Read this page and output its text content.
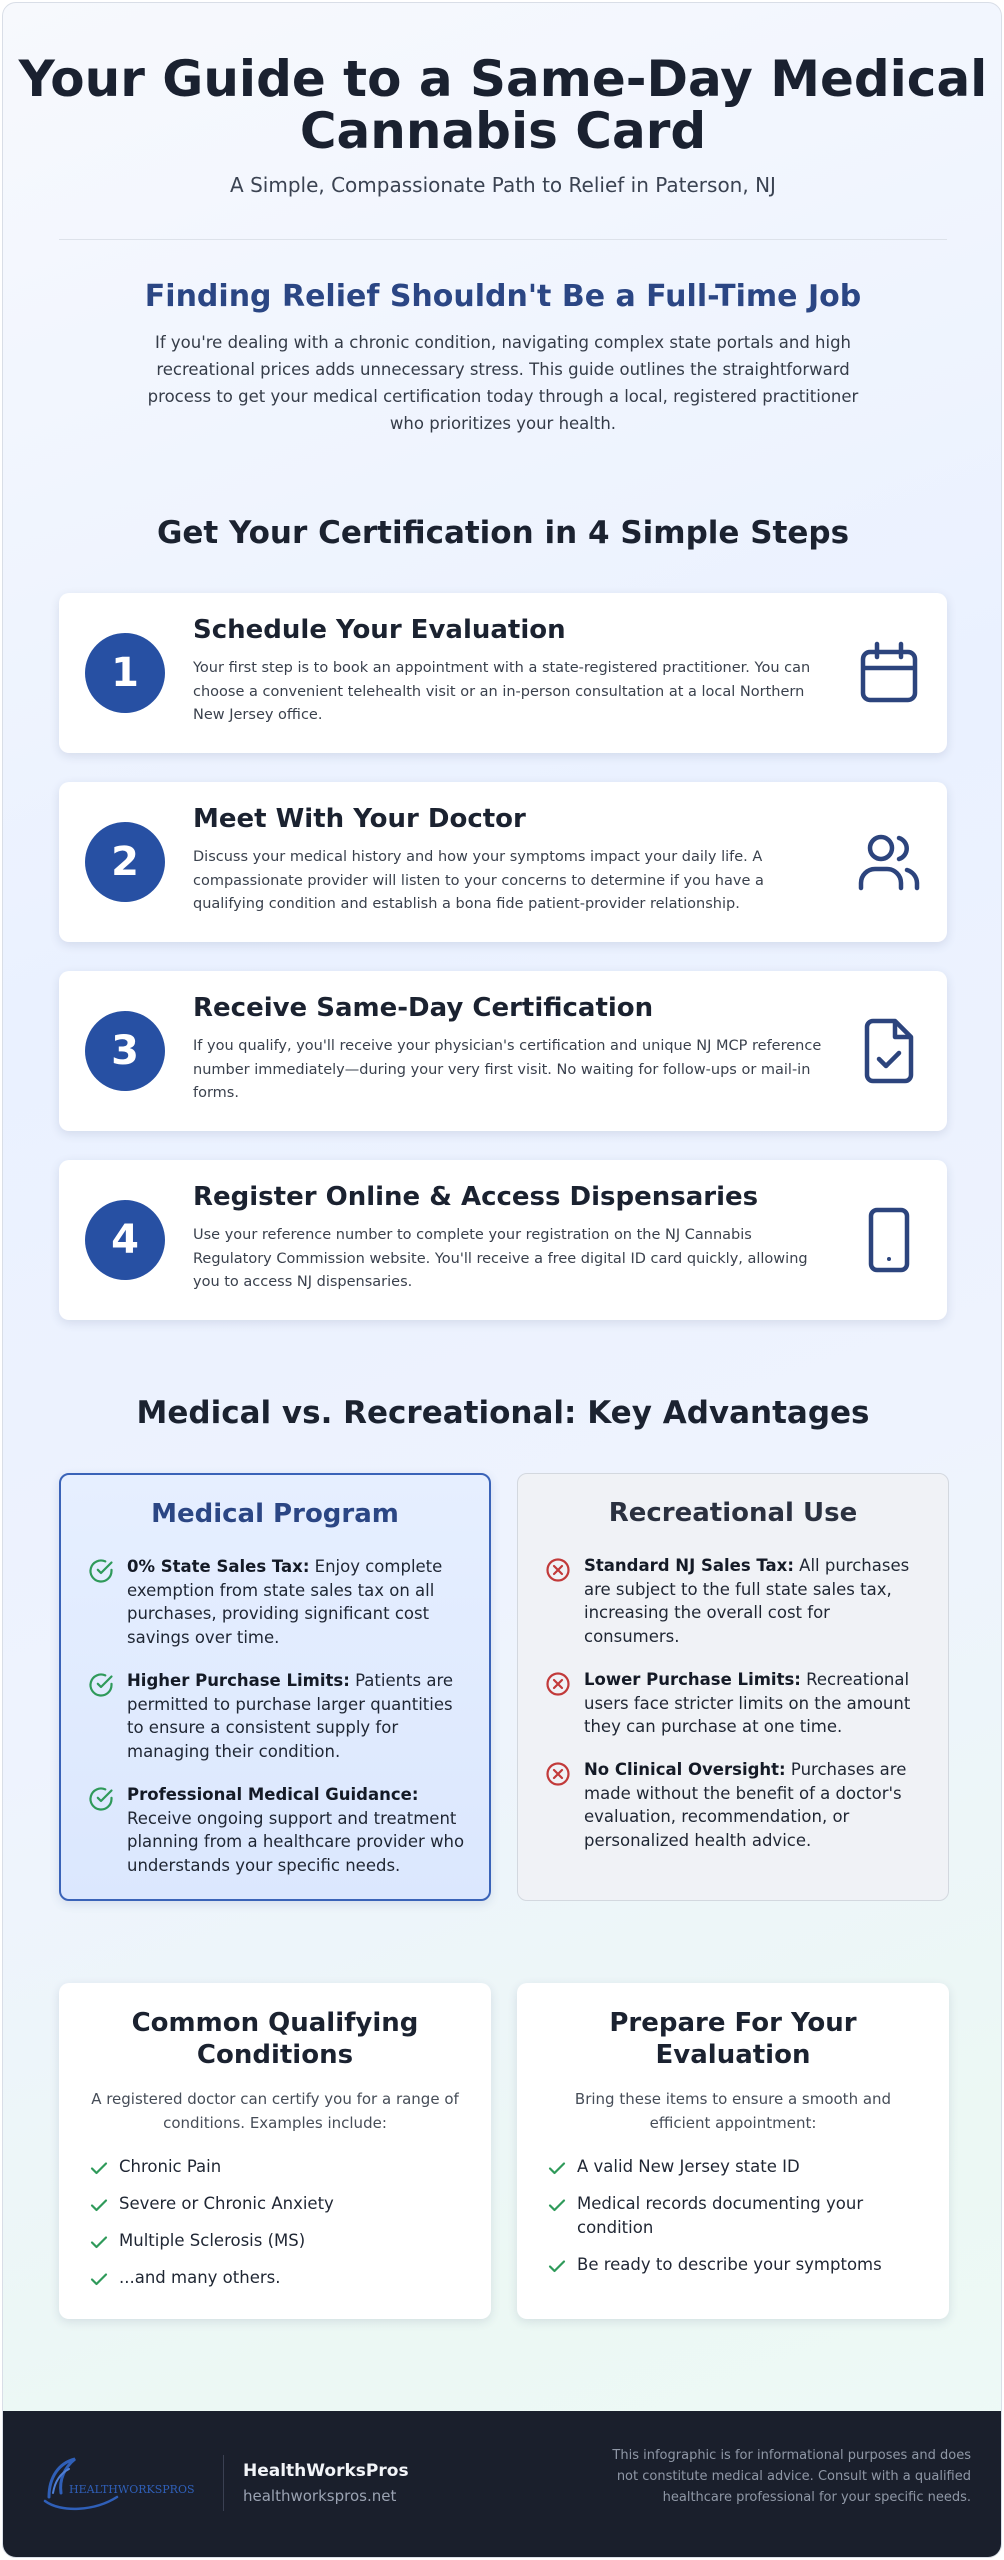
Your Guide to a Same-Day Medical Cannabis Card
A Simple, Compassionate Path to Relief in Paterson, NJ
Finding Relief Shouldn't Be a Full-Time Job
If you're dealing with a chronic condition, navigating complex state portals and high recreational prices adds unnecessary stress. This guide outlines the straightforward process to get your medical certification today through a local, registered practitioner who prioritizes your health.
Get Your Certification in 4 Simple Steps
1
Schedule Your Evaluation
Your first step is to book an appointment with a state-registered practitioner. You can choose a convenient telehealth visit or an in-person consultation at a local Northern New Jersey office.
2
Meet With Your Doctor
Discuss your medical history and how your symptoms impact your daily life. A compassionate provider will listen to your concerns to determine if you have a qualifying condition and establish a bona fide patient-provider relationship.
3
Receive Same-Day Certification
If you qualify, you'll receive your physician's certification and unique NJ MCP reference number immediately—during your very first visit. No waiting for follow-ups or mail-in forms.
4
Register Online & Access Dispensaries
Use your reference number to complete your registration on the NJ Cannabis Regulatory Commission website. You'll receive a free digital ID card quickly, allowing you to access NJ dispensaries.
Medical vs. Recreational: Key Advantages
Medical Program
0% State Sales Tax: Enjoy complete exemption from state sales tax on all purchases, providing significant cost savings over time.
Higher Purchase Limits: Patients are permitted to purchase larger quantities to ensure a consistent supply for managing their condition.
Professional Medical Guidance: Receive ongoing support and treatment planning from a healthcare provider who understands your specific needs.
Recreational Use
Standard NJ Sales Tax: All purchases are subject to the full state sales tax, increasing the overall cost for consumers.
Lower Purchase Limits: Recreational users face stricter limits on the amount they can purchase at one time.
No Clinical Oversight: Purchases are made without the benefit of a doctor's evaluation, recommendation, or personalized health advice.
Common Qualifying Conditions
A registered doctor can certify you for a range of conditions. Examples include:
Chronic Pain
Severe or Chronic Anxiety
Multiple Sclerosis (MS)
...and many others.
Prepare For Your Evaluation
Bring these items to ensure a smooth and efficient appointment:
A valid New Jersey state ID
Medical records documenting your condition
Be ready to describe your symptoms
HEALTHWORKSPROS
HealthWorksPros
healthworkspros.net
This infographic is for informational purposes and does not constitute medical advice. Consult with a qualified healthcare professional for your specific needs.
